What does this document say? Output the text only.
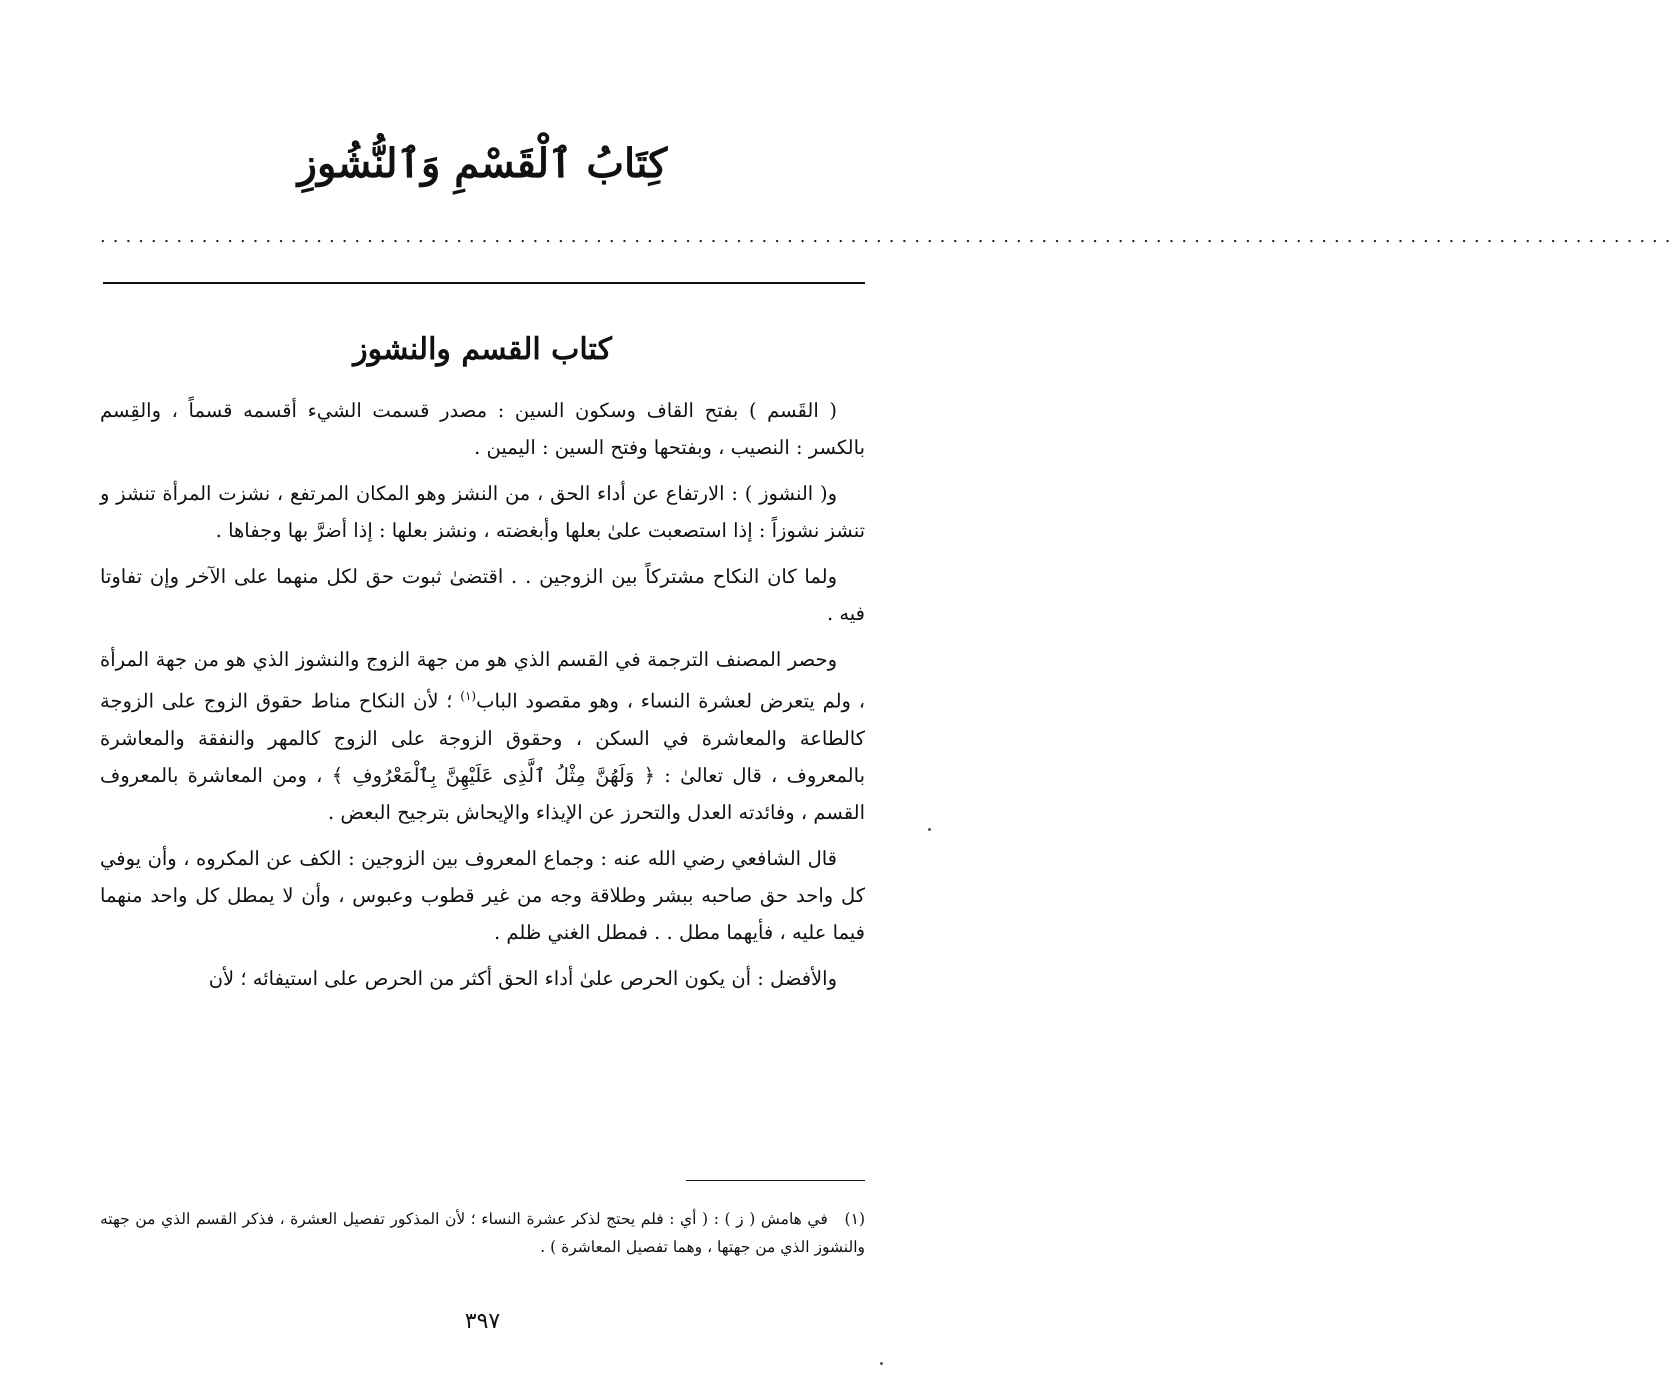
كِتَابُ ٱلْقَسْمِ وَٱلنُّشُوزِ
............................................................................................................................
كتاب القسم والنشوز

( القَسم ) بفتح القاف وسكون السين : مصدر قسمت الشيء أقسمه قسماً ، والقِسم بالكسر : النصيب ، وبفتحها وفتح السين : اليمين .

و( النشوز ) : الارتفاع عن أداء الحق ، من النشز وهو المكان المرتفع ، نشزت المرأة تنشز و تنشز نشوزاً : إذا استصعبت علىٰ بعلها وأبغضته ، ونشز بعلها : إذا أضرَّ بها وجفاها .

ولما كان النكاح مشتركاً بين الزوجين . . اقتضىٰ ثبوت حق لكل منهما على الآخر وإن تفاوتا فيه .

وحصر المصنف الترجمة في القسم الذي هو من جهة الزوج والنشوز الذي هو من جهة المرأة ، ولم يتعرض لعشرة النساء ، وهو مقصود الباب$^{(١)}$ ؛ لأن النكاح مناط حقوق الزوج على الزوجة كالطاعة والمعاشرة في السكن ، وحقوق الزوجة على الزوج كالمهر والنفقة والمعاشرة بالمعروف ، قال تعالىٰ : ﴿ وَلَهُنَّ مِثْلُ ٱلَّذِى عَلَيْهِنَّ بِٱلْمَعْرُوفِ ﴾ ، ومن المعاشرة بالمعروف القسم ، وفائدته العدل والتحرز عن الإيذاء والإيحاش بترجيح البعض .

قال الشافعي رضي الله عنه : وجماع المعروف بين الزوجين : الكف عن المكروه ، وأن يوفي كل واحد حق صاحبه ببشر وطلاقة وجه من غير قطوب وعبوس ، وأن لا يمطل كل واحد منهما فيما عليه ، فأيهما مطل . . فمطل الغني ظلم .

والأفضل : أن يكون الحرص علىٰ أداء الحق أكثر من الحرص على استيفائه ؛ لأن

(١)   في هامش ( ز ) : ( أي : فلم يحتج لذكر عشرة النساء ؛ لأن المذكور تفصيل العشرة ، فذكر القسم الذي من جهته والنشوز الذي من جهتها ، وهما تفصيل المعاشرة ) .

٣٩٧
